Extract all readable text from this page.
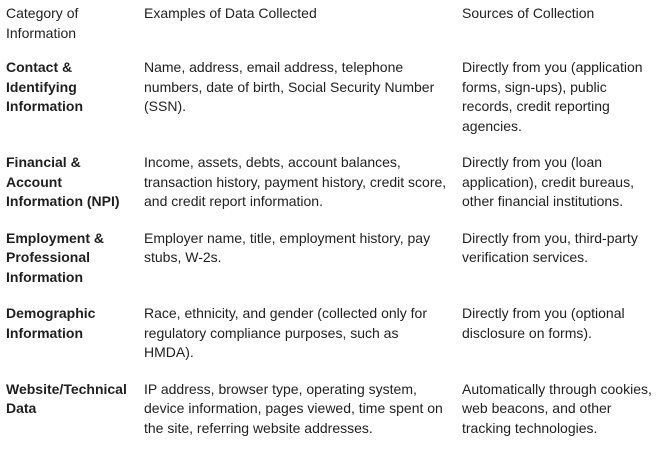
Category of Information	Examples of Data Collected	Sources of Collection
Contact & Identifying Information	Name, address, email address, telephone numbers, date of birth, Social Security Number (SSN).	Directly from you (application forms, sign-ups), public records, credit reporting agencies.
Financial & Account Information (NPI)	Income, assets, debts, account balances, transaction history, payment history, credit score, and credit report information.	Directly from you (loan application), credit bureaus, other financial institutions.
Employment & Professional Information	Employer name, title, employment history, pay stubs, W-2s.	Directly from you, third-party verification services.
Demographic Information	Race, ethnicity, and gender (collected only for regulatory compliance purposes, such as HMDA).	Directly from you (optional disclosure on forms).
Website/Technical Data	IP address, browser type, operating system, device information, pages viewed, time spent on the site, referring website addresses.	Automatically through cookies, web beacons, and other tracking technologies.
